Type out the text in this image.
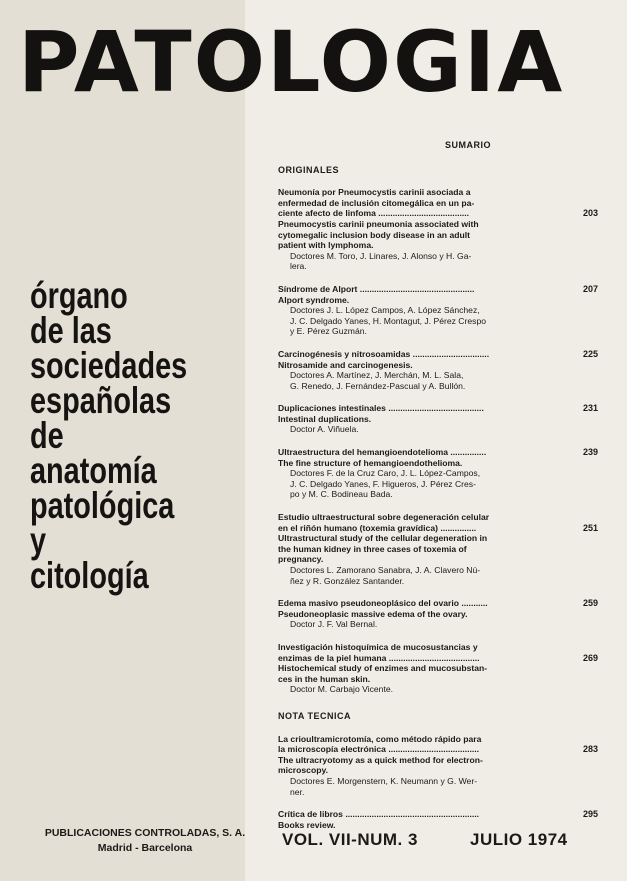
PATOLOGIA
órgano
de las
sociedades
españolas
de
anatomía
patológica
y
citología
SUMARIO
ORIGINALES
Neumonía por Pneumocystis carinii asociada a
enfermedad de inclusión citomegálica en un pa-
ciente afecto de linfoma ......................................
Pneumocystis carinii pneumonia associated with
cytomegalic inclusion body disease in an adult
patient with lymphoma.
Doctores M. Toro, J. Linares, J. Alonso y H. Ga-
lera.
203
Síndrome de Alport ................................................
Alport syndrome.
Doctores J. L. López Campos, A. López Sánchez,
J. C. Delgado Yanes, H. Montagut, J. Pérez Crespo
y E. Pérez Guzmán.
207
Carcinogénesis y nitrosoamidas ................................
Nitrosamide and carcinogenesis.
Doctores A. Martínez, J. Merchán, M. L. Sala,
G. Renedo, J. Fernández-Pascual y A. Bullón.
225
Duplicaciones intestinales ........................................
Intestinal duplications.
Doctor A. Viñuela.
231
Ultraestructura del hemangioendotelioma ...............
The fine structure of hemangioendothelioma.
Doctores F. de la Cruz Caro, J. L. López-Campos,
J. C. Delgado Yanes, F. Higueros, J. Pérez Cres-
po y M. C. Bodineau Bada.
239
Estudio ultraestructural sobre degeneración celular
en el riñón humano (toxemia gravídica) ...............
Ultrastructural study of the cellular degeneration in
the human kidney in three cases of toxemia of
pregnancy.
Doctores L. Zamorano Sanabra, J. A. Clavero Nú-
ñez y R. González Santander.
251
Edema masivo pseudoneoplásico del ovario ...........
Pseudoneoplasic massive edema of the ovary.
Doctor J. F. Val Bernal.
259
Investigación histoquímica de mucosustancias y
enzimas de la piel humana ......................................
Histochemical study of enzimes and mucosubstan-
ces in the human skin.
Doctor M. Carbajo Vicente.
269
NOTA TECNICA
La crioultramicrotomía, como método rápido para
la microscopía electrónica ......................................
The ultracryotomy as a quick method for electron-
microscopy.
Doctores E. Morgenstern, K. Neumann y G. Wer-
ner.
283
Crítica de libros ........................................................
Books review.
295
PUBLICACIONES CONTROLADAS, S. A.
Madrid - Barcelona	VOL. VII-NUM. 3	JULIO 1974
